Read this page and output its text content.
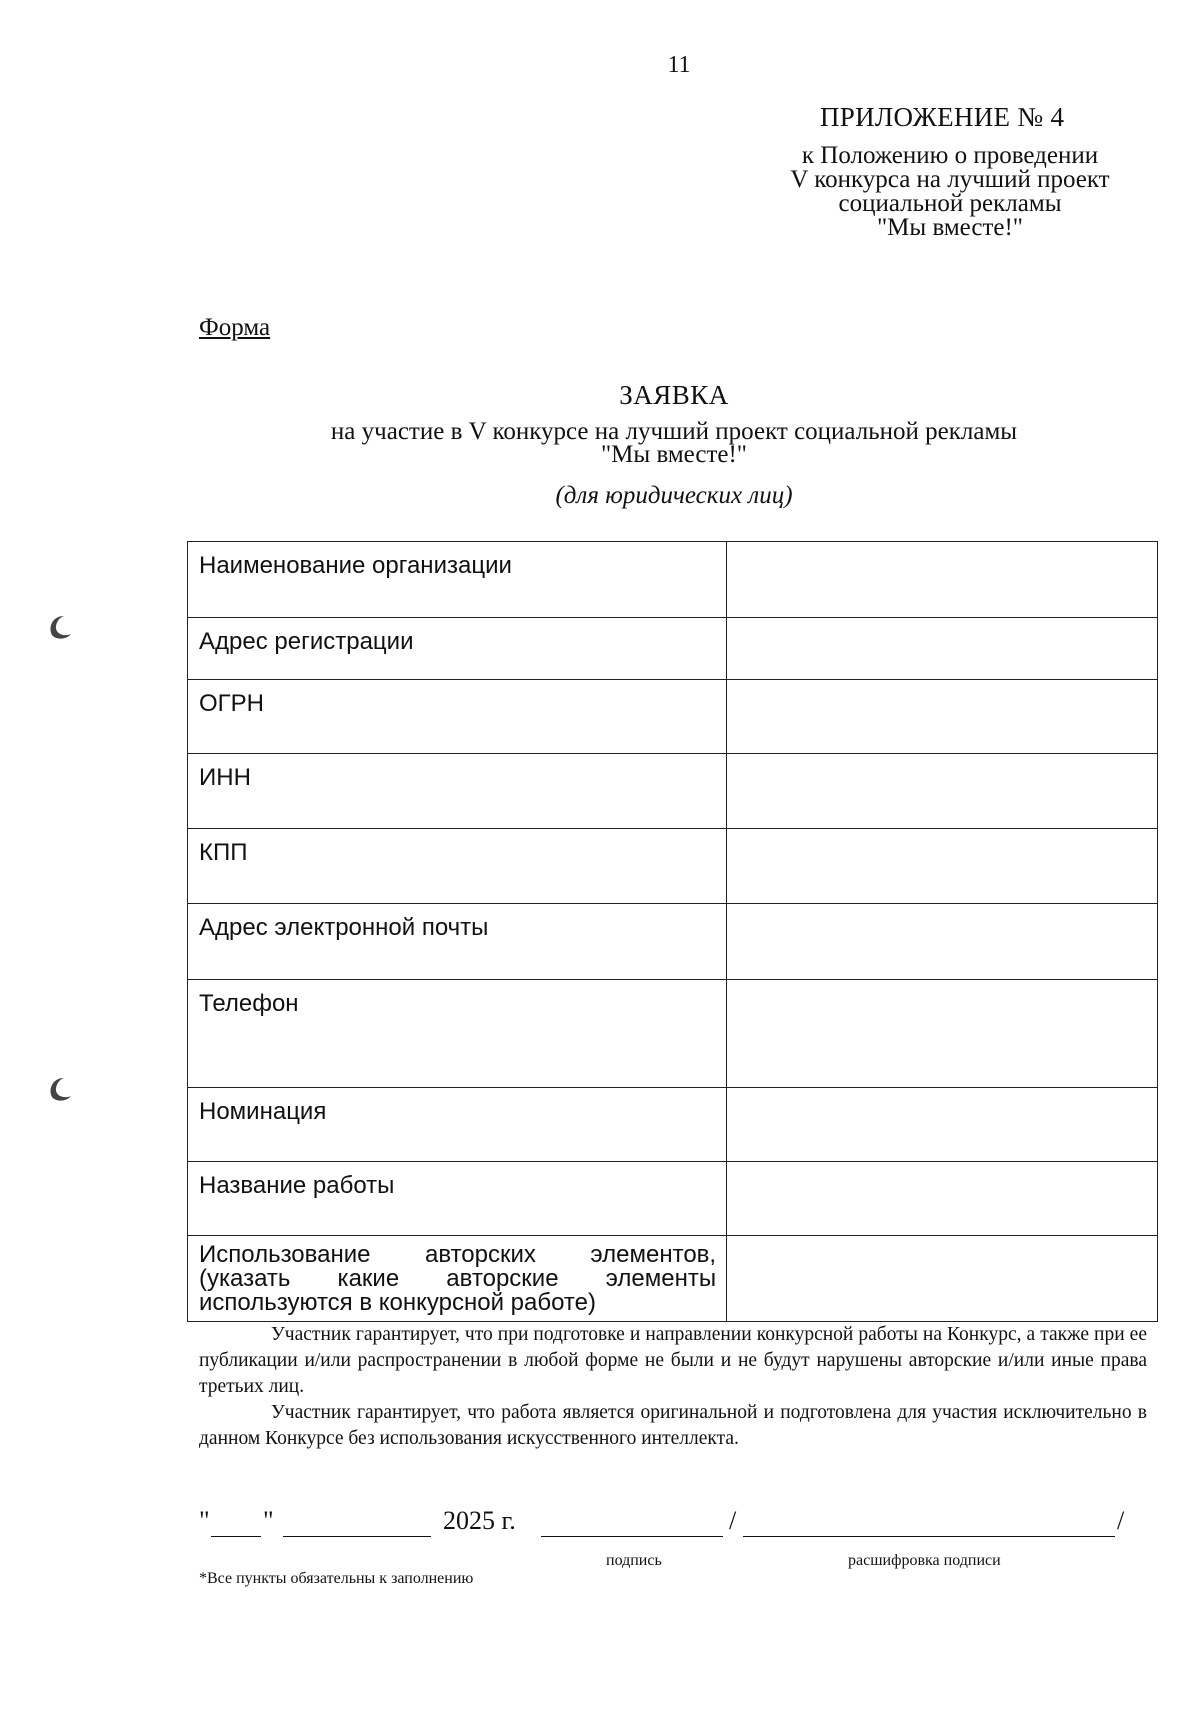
11
ПРИЛОЖЕНИЕ № 4
к Положению о проведении
V конкурса на лучший проект
социальной рекламы
"Мы вместе!"
Форма
ЗАЯВКА
на участие в V конкурсе на лучший проект социальной рекламы
"Мы вместе!"
(для юридических лиц)
Наименование организации	
Адрес регистрации	
ОГРН	
ИНН	
КПП	
Адрес электронной почты	
Телефон	
Номинация	
Название работы	

Использование авторских элементов, (указать какие авторские элементы используются в конкурсной работе)	

Участник гарантирует, что при подготовке и направлении конкурсной работы на Конкурс, а также при ее публикации и/или распространении в любой форме не были и не будут нарушены авторские и/или иные права третьих лиц.
Участник гарантирует, что работа является оригинальной и подготовлена для участия исключительно в данном Конкурсе без использования искусственного интеллекта.
" "	2025 г.	/	/
подпись	расшифровка подписи
*Все пункты обязательны к заполнению
